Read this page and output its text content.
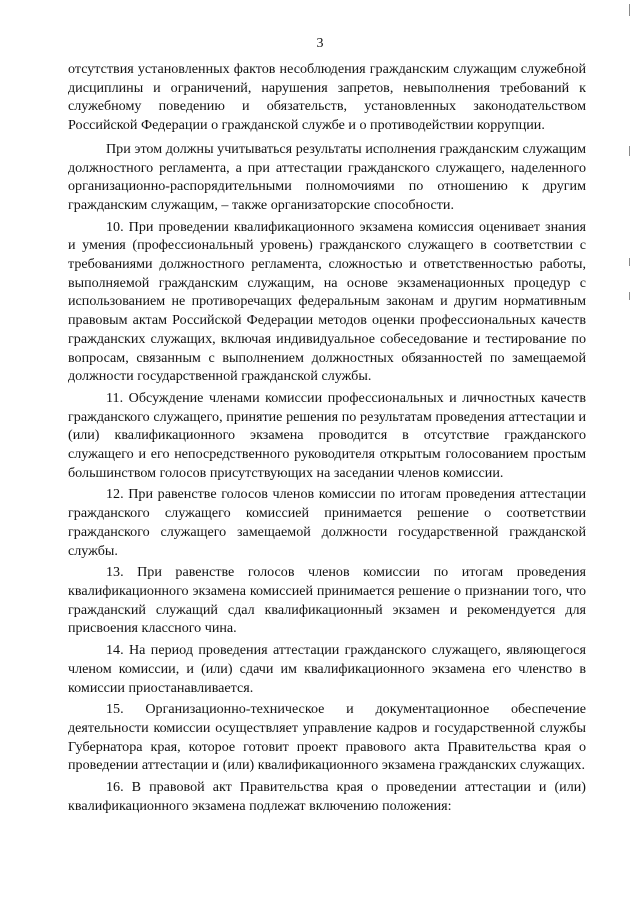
3

отсутствия установленных фактов несоблюдения гражданским служащим служебной дисциплины и ограничений, нарушения запретов, невыполнения требований к служебному поведению и обязательств, установленных законодательством Российской Федерации о гражданской службе и о противодействии коррупции.

При этом должны учитываться результаты исполнения гражданским служащим должностного регламента, а при аттестации гражданского служащего, наделенного организационно-распорядительными полномочиями по отношению к другим гражданским служащим, – также организаторские способности.

10. При проведении квалификационного экзамена комиссия оценивает знания и умения (профессиональный уровень) гражданского служащего в соответствии с требованиями должностного регламента, сложностью и ответственностью работы, выполняемой гражданским служащим, на основе экзаменационных процедур с использованием не противоречащих федеральным законам и другим нормативным правовым актам Российской Федерации методов оценки профессиональных качеств гражданских служащих, включая индивидуальное собеседование и тестирование по вопросам, связанным с выполнением должностных обязанностей по замещаемой должности государственной гражданской службы.

11. Обсуждение членами комиссии профессиональных и личностных качеств гражданского служащего, принятие решения по результатам проведения аттестации и (или) квалификационного экзамена проводится в отсутствие гражданского служащего и его непосредственного руководителя открытым голосованием простым большинством голосов присутствующих на заседании членов комиссии.

12. При равенстве голосов членов комиссии по итогам проведения аттестации гражданского служащего комиссией принимается решение о соответствии гражданского служащего замещаемой должности государственной гражданской службы.

13. При равенстве голосов членов комиссии по итогам проведения квалификационного экзамена комиссией принимается решение о признании того, что гражданский служащий сдал квалификационный экзамен и рекомендуется для присвоения классного чина.

14. На период проведения аттестации гражданского служащего, являющегося членом комиссии, и (или) сдачи им квалификационного экзамена его членство в комиссии приостанавливается.

15. Организационно-техническое и документационное обеспечение деятельности комиссии осуществляет управление кадров и государственной службы Губернатора края, которое готовит проект правового акта Правительства края о проведении аттестации и (или) квалификационного экзамена гражданских служащих.

16. В правовой акт Правительства края о проведении аттестации и (или) квалификационного экзамена подлежат включению положения:
